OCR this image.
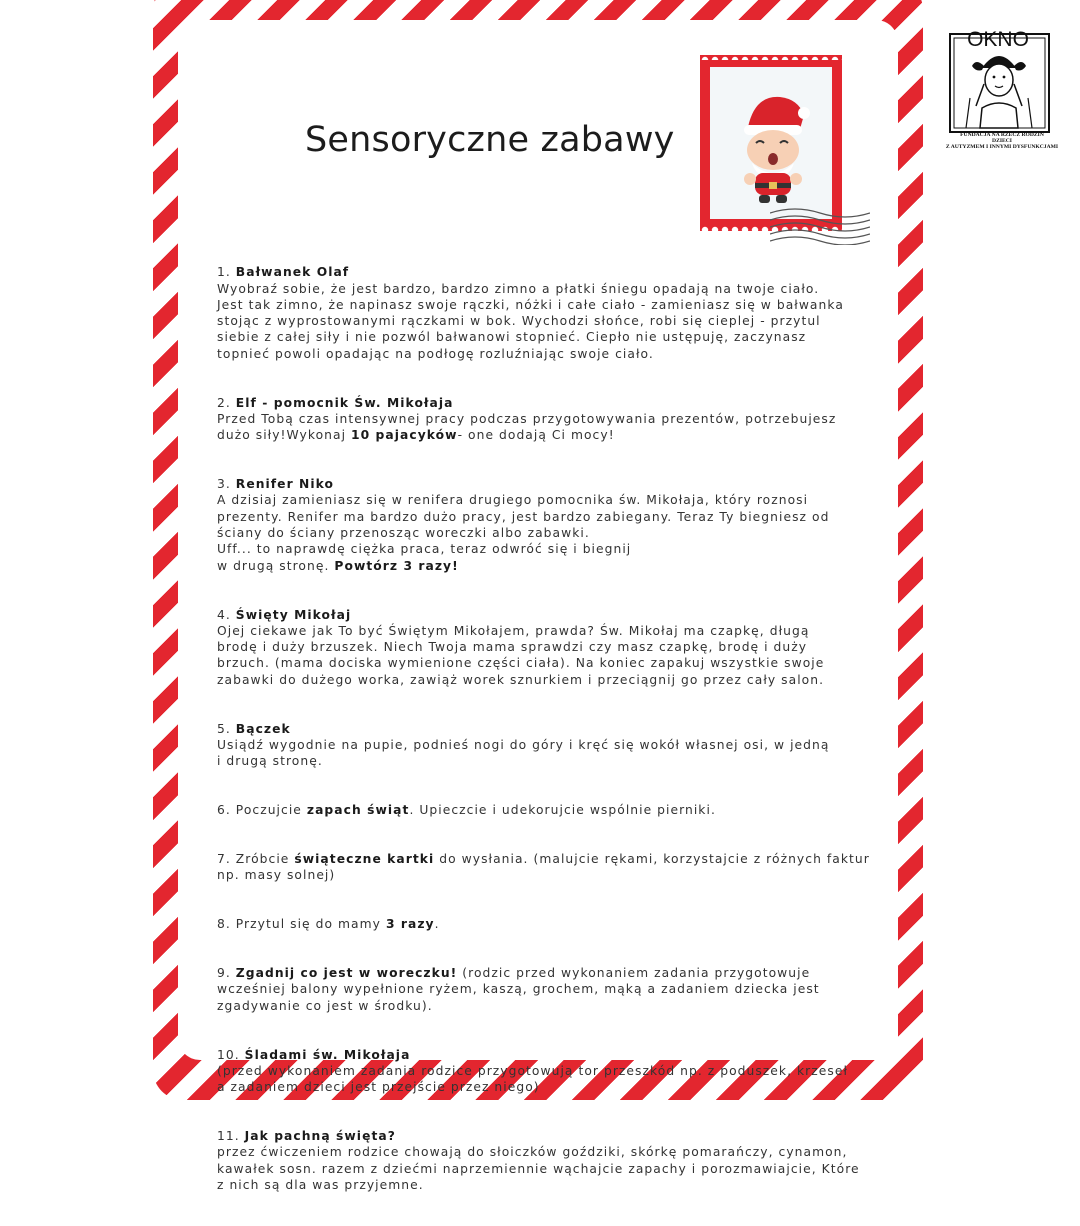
Sensoryczne zabawy
OKNO
FUNDACJA NA RZECZ RODZIN
DZIECI
Z AUTYZMEM I INNYMI DYSFUNKCJAMI

1. Bałwanek Olaf
Wyobraź sobie, że jest bardzo, bardzo zimno a płatki śniegu opadają na twoje ciało.
Jest tak zimno, że napinasz swoje rączki, nóżki i całe ciało - zamieniasz się w bałwanka
stojąc z wyprostowanymi rączkami w bok. Wychodzi słońce, robi się cieplej - przytul
siebie z całej siły i nie pozwól bałwanowi stopnieć. Ciepło nie ustępuję, zaczynasz
topnieć powoli opadając na podłogę rozluźniając swoje ciało.

2. Elf - pomocnik Św. Mikołaja
Przed Tobą czas intensywnej pracy podczas przygotowywania prezentów, potrzebujesz
dużo siły!Wykonaj 10 pajacyków- one dodają Ci mocy!

3. Renifer Niko
A dzisiaj zamieniasz się w renifera drugiego pomocnika św. Mikołaja, który roznosi
prezenty. Renifer ma bardzo dużo pracy, jest bardzo zabiegany. Teraz Ty biegniesz od
ściany do ściany przenosząc woreczki albo zabawki.
Uff... to naprawdę ciężka praca, teraz odwróć się i biegnij
w drugą stronę. Powtórz 3 razy!

4. Święty Mikołaj
Ojej ciekawe jak To być Świętym Mikołajem, prawda? Św. Mikołaj ma czapkę, długą
brodę i duży brzuszek. Niech Twoja mama sprawdzi czy masz czapkę, brodę i duży
brzuch. (mama dociska wymienione części ciała). Na koniec zapakuj wszystkie swoje
zabawki do dużego worka, zawiąż worek sznurkiem i przeciągnij go przez cały salon.

5. Bączek
Usiądź wygodnie na pupie, podnieś nogi do góry i kręć się wokół własnej osi, w jedną
i drugą stronę.

6. Poczujcie zapach świąt. Upieczcie i udekorujcie wspólnie pierniki.

7. Zróbcie świąteczne kartki do wysłania. (malujcie rękami, korzystajcie z różnych faktur
np. masy solnej)

8. Przytul się do mamy 3 razy.

9. Zgadnij co jest w woreczku! (rodzic przed wykonaniem zadania przygotowuje
wcześniej balony wypełnione ryżem, kaszą, grochem, mąką a zadaniem dziecka jest
zgadywanie co jest w środku).

10. Śladami św. Mikołaja
(przed wykonaniem zadania rodzice przygotowują tor przeszkód np. z poduszek, krzeseł
a zadaniem dzieci jest przejście przez niego)

11. Jak pachną święta?
przez ćwiczeniem rodzice chowają do słoiczków goździki, skórkę pomarańczy, cynamon,
kawałek sosn. razem z dziećmi naprzemiennie wąchajcie zapachy i porozmawiajcie, Które
z nich są dla was przyjemne.
